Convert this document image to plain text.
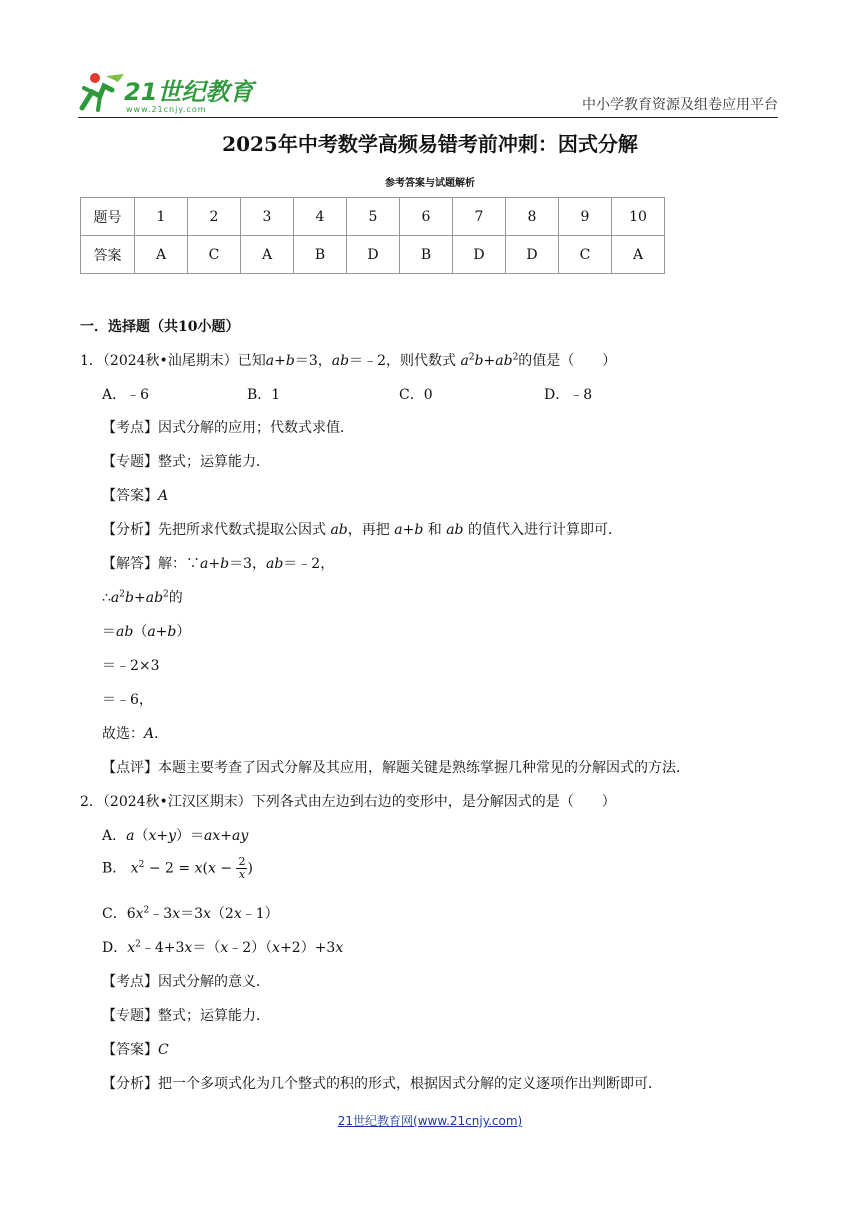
21世纪教育
www.21cnjy.com	中小学教育资源及组卷应用平台
2025年中考数学高频易错考前冲刺：因式分解
参考答案与试题解析
题号	1	2	3	4	5	6	7	8	9	10
答案	A	C	A	B	D	B	D	D	C	A
一．选择题（共10小题）
1．（2024秋•汕尾期末）已知a+b＝3，ab＝﹣2，则代数式 $a^2b+ab^2$的值是（　　）
A．﹣6	B．1	C．0	D．﹣8
【考点】因式分解的应用；代数式求值．
【专题】整式；运算能力．
【答案】A
【分析】先把所求代数式提取公因式 ab，再把 a+b 和 ab 的值代入进行计算即可．
【解答】解：∵a+b＝3，ab＝﹣2，
$\therefore a^2b+ab^2$的
＝ab（a+b）
＝﹣2×3
＝﹣6，
故选：A．
【点评】本题主要考查了因式分解及其应用，解题关键是熟练掌握几种常见的分解因式的方法．
2．（2024秋•江汉区期末）下列各式由左边到右边的变形中，是分解因式的是（　　）
A．a（x+y）＝ax+ay
B． $x^2 - 2 = x(x - \frac{2}{x}$ )
C．$6x^2﹣3x=3x(2x﹣1)$
D．$x^2﹣4+3x=(x﹣2)(x+2)+3x$
【考点】因式分解的意义．
【专题】整式；运算能力．
【答案】C
【分析】把一个多项式化为几个整式的积的形式，根据因式分解的定义逐项作出判断即可．
21世纪教育网(www.21cnjy.com)
